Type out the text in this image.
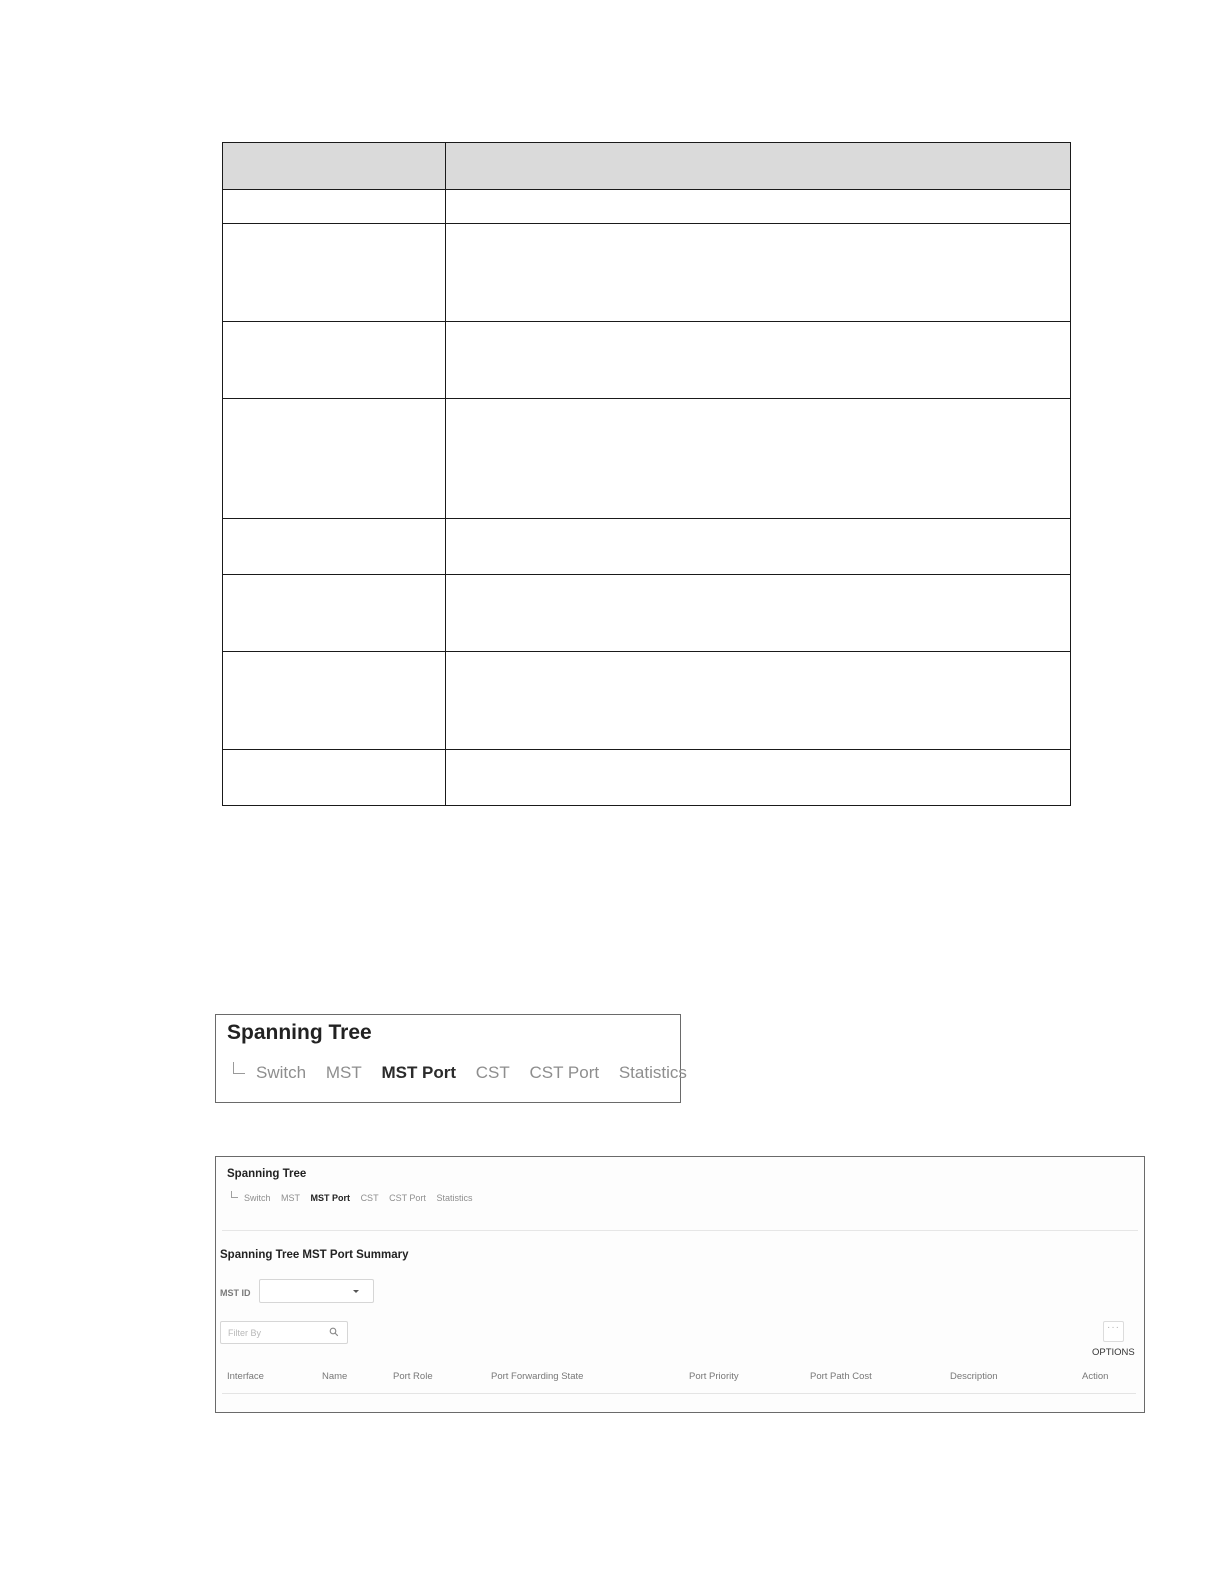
Spanning Tree
Switch MST MST Port CST CST Port Statistics
Spanning Tree
Switch MST MST Port CST CST Port Statistics
Spanning Tree MST Port Summary
MST ID
Filter By	···
OPTIONS
Interface	Name	Port Role	Port Forwarding State	Port Priority	Port Path Cost	Description	Action
